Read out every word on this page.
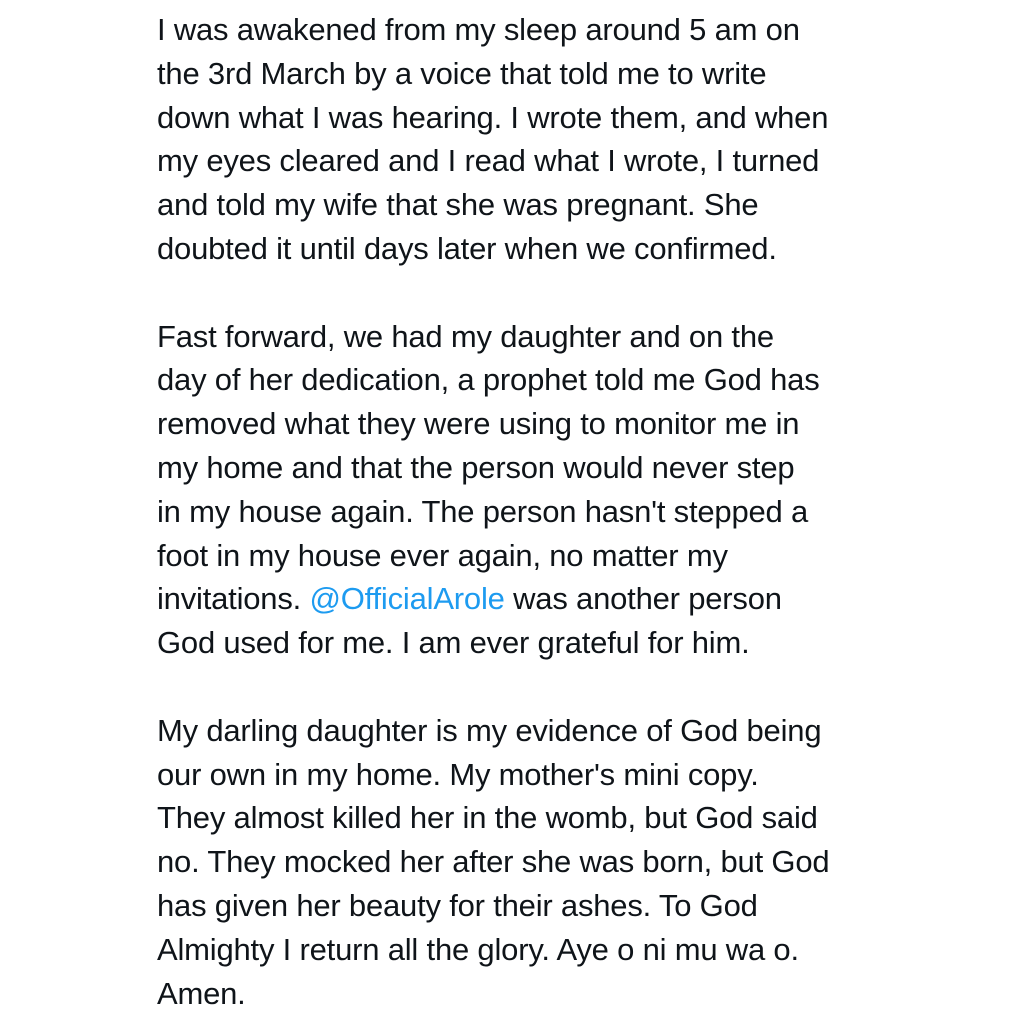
I was awakened from my sleep around 5 am on
the 3rd March by a voice that told me to write
down what I was hearing. I wrote them, and when
my eyes cleared and I read what I wrote, I turned
and told my wife that she was pregnant. She
doubted it until days later when we confirmed.

Fast forward, we had my daughter and on the
day of her dedication, a prophet told me God has
removed what they were using to monitor me in
my home and that the person would never step
in my house again. The person hasn't stepped a
foot in my house ever again, no matter my
invitations. @OfficialArole was another person
God used for me. I am ever grateful for him.

My darling daughter is my evidence of God being
our own in my home. My mother's mini copy.
They almost killed her in the womb, but God said
no. They mocked her after she was born, but God
has given her beauty for their ashes. To God
Almighty I return all the glory. Aye o ni mu wa o.
Amen.
